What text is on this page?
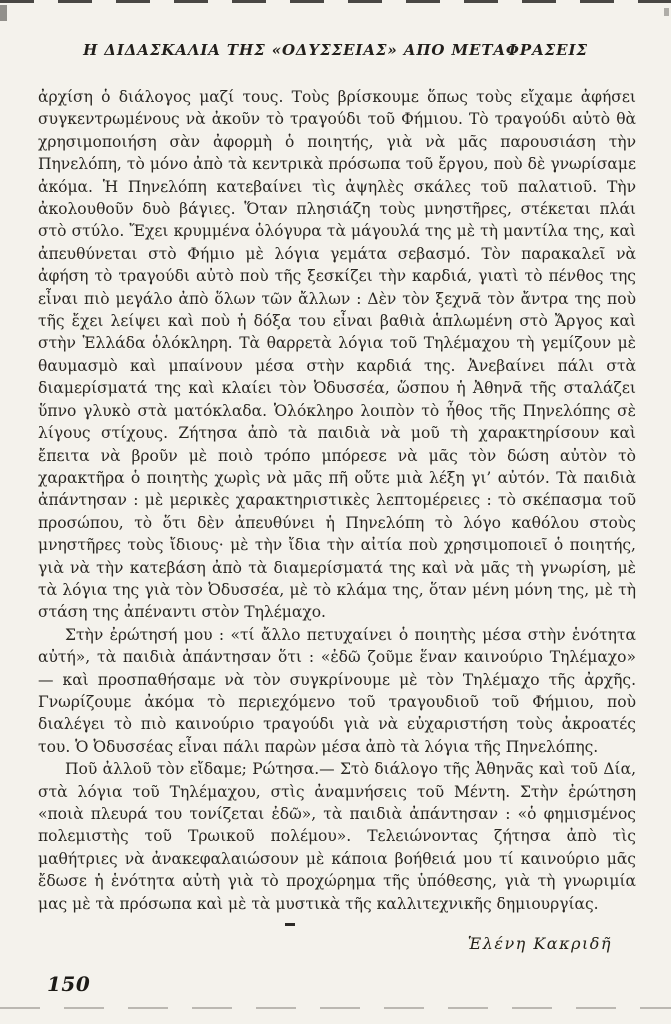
Η ΔΙΔΑΣΚΑΛΙΑ ΤΗΣ «ΟΔΥΣΣΕΙΑΣ» ΑΠΟ ΜΕΤΑΦΡΑΣΕΙΣ

ἀρχίση ὁ διάλογος μαζί τους. Τοὺς βρίσκουμε ὅπως τοὺς εἴχαμε ἀφήσει συγκεντρωμένους νὰ ἀκοῦν τὸ τραγούδι τοῦ Φήμιου. Τὸ τραγούδι αὐτὸ θὰ χρησιμοποιήση σὰν ἀφορμὴ ὁ ποιητής, γιὰ νὰ μᾶς παρουσιάση τὴν Πηνελόπη, τὸ μόνο ἀπὸ τὰ κεντρικὰ πρόσωπα τοῦ ἔργου, ποὺ δὲ γνωρίσαμε ἀκόμα. Ἡ Πηνελόπη κατεβαίνει τὶς ἀψηλὲς σκάλες τοῦ παλατιοῦ. Τὴν ἀκολουθοῦν δυὸ βάγιες. Ὅταν πλησιάζη τοὺς μνηστῆρες, στέκεται πλάι στὸ στύλο. Ἔχει κρυμμένα ὁλόγυρα τὰ μάγουλά της μὲ τὴ μαντίλα της, καὶ ἀπευθύνεται στὸ Φήμιο μὲ λόγια γεμάτα σεβασμό. Τὸν παρακαλεῖ νὰ ἀφήση τὸ τραγούδι αὐτὸ ποὺ τῆς ξεσκίζει τὴν καρδιά, γιατὶ τὸ πένθος της εἶναι πιὸ μεγάλο ἀπὸ ὅλων τῶν ἄλλων : Δὲν τὸν ξεχνᾶ τὸν ἄντρα της ποὺ τῆς ἔχει λείψει καὶ ποὺ ἡ δόξα του εἶναι βαθιὰ ἁπλωμένη στὸ Ἄργος καὶ στὴν Ἑλλάδα ὁλόκληρη. Τὰ θαρρετὰ λόγια τοῦ Τηλέμαχου τὴ γεμίζουν μὲ θαυμασμὸ καὶ μπαίνουν μέσα στὴν καρδιά της. Ἀνεβαίνει πάλι στὰ διαμερίσματά της καὶ κλαίει τὸν Ὀδυσσέα, ὥσπου ἡ Ἀθηνᾶ τῆς σταλάζει ὕπνο γλυκὸ στὰ ματόκλαδα. Ὁλόκληρο λοιπὸν τὸ ἦθος τῆς Πηνελόπης σὲ λίγους στίχους. Ζήτησα ἀπὸ τὰ παιδιὰ νὰ μοῦ τὴ χαρακτηρίσουν καὶ ἔπειτα νὰ βροῦν μὲ ποιὸ τρόπο μπόρεσε νὰ μᾶς τὸν δώση αὐτὸν τὸ χαρακτῆρα ὁ ποιητὴς χωρὶς νὰ μᾶς πῆ οὔτε μιὰ λέξη γι’ αὐτόν. Τὰ παιδιὰ ἀπάντησαν : μὲ μερικὲς χαρακτηριστικὲς λεπτομέρειες : τὸ σκέπασμα τοῦ προσώπου, τὸ ὅτι δὲν ἀπευθύνει ἡ Πηνελόπη τὸ λόγο καθόλου στοὺς μνηστῆρες τοὺς ἴδιους· μὲ τὴν ἴδια τὴν αἰτία ποὺ χρησιμοποιεῖ ὁ ποιητής, γιὰ νὰ τὴν κατεβάση ἀπὸ τὰ διαμερίσματά της καὶ νὰ μᾶς τὴ γνωρίση, μὲ τὰ λόγια της γιὰ τὸν Ὀδυσσέα, μὲ τὸ κλάμα της, ὅταν μένη μόνη της, μὲ τὴ στάση της ἀπέναντι στὸν Τηλέμαχο.

Στὴν ἐρώτησή μου : «τί ἄλλο πετυχαίνει ὁ ποιητὴς μέσα στὴν ἑνότητα αὐτή», τὰ παιδιὰ ἀπάντησαν ὅτι : «ἐδῶ ζοῦμε ἕναν καινούριο Τηλέμαχο» — καὶ προσπαθήσαμε νὰ τὸν συγκρίνουμε μὲ τὸν Τηλέμαχο τῆς ἀρχῆς. Γνωρίζουμε ἀκόμα τὸ περιεχόμενο τοῦ τραγουδιοῦ τοῦ Φήμιου, ποὺ διαλέγει τὸ πιὸ καινούριο τραγούδι γιὰ νὰ εὐχαριστήση τοὺς ἀκροατές του. Ὁ Ὀδυσσέας εἶναι πάλι παρὼν μέσα ἀπὸ τὰ λόγια τῆς Πηνελόπης.

Ποῦ ἀλλοῦ τὸν εἴδαμε; Ρώτησα.— Στὸ διάλογο τῆς Ἀθηνᾶς καὶ τοῦ Δία, στὰ λόγια τοῦ Τηλέμαχου, στὶς ἀναμνήσεις τοῦ Μέντη. Στὴν ἐρώτηση «ποιὰ πλευρά του τονίζεται ἐδῶ», τὰ παιδιὰ ἀπάντησαν : «ὁ φημισμένος πολεμιστὴς τοῦ Τρωικοῦ πολέμου». Τελειώνοντας ζήτησα ἀπὸ τὶς μαθήτριες νὰ ἀνακεφαλαιώσουν μὲ κάποια βοήθειά μου τί καινούριο μᾶς ἔδωσε ἡ ἑνότητα αὐτὴ γιὰ τὸ προχώρημα τῆς ὑπόθεσης, γιὰ τὴ γνωριμία μας μὲ τὰ πρόσωπα καὶ μὲ τὰ μυστικὰ τῆς καλλιτεχνικῆς δημιουργίας.

Ἑλένη Κακριδῆ
150
